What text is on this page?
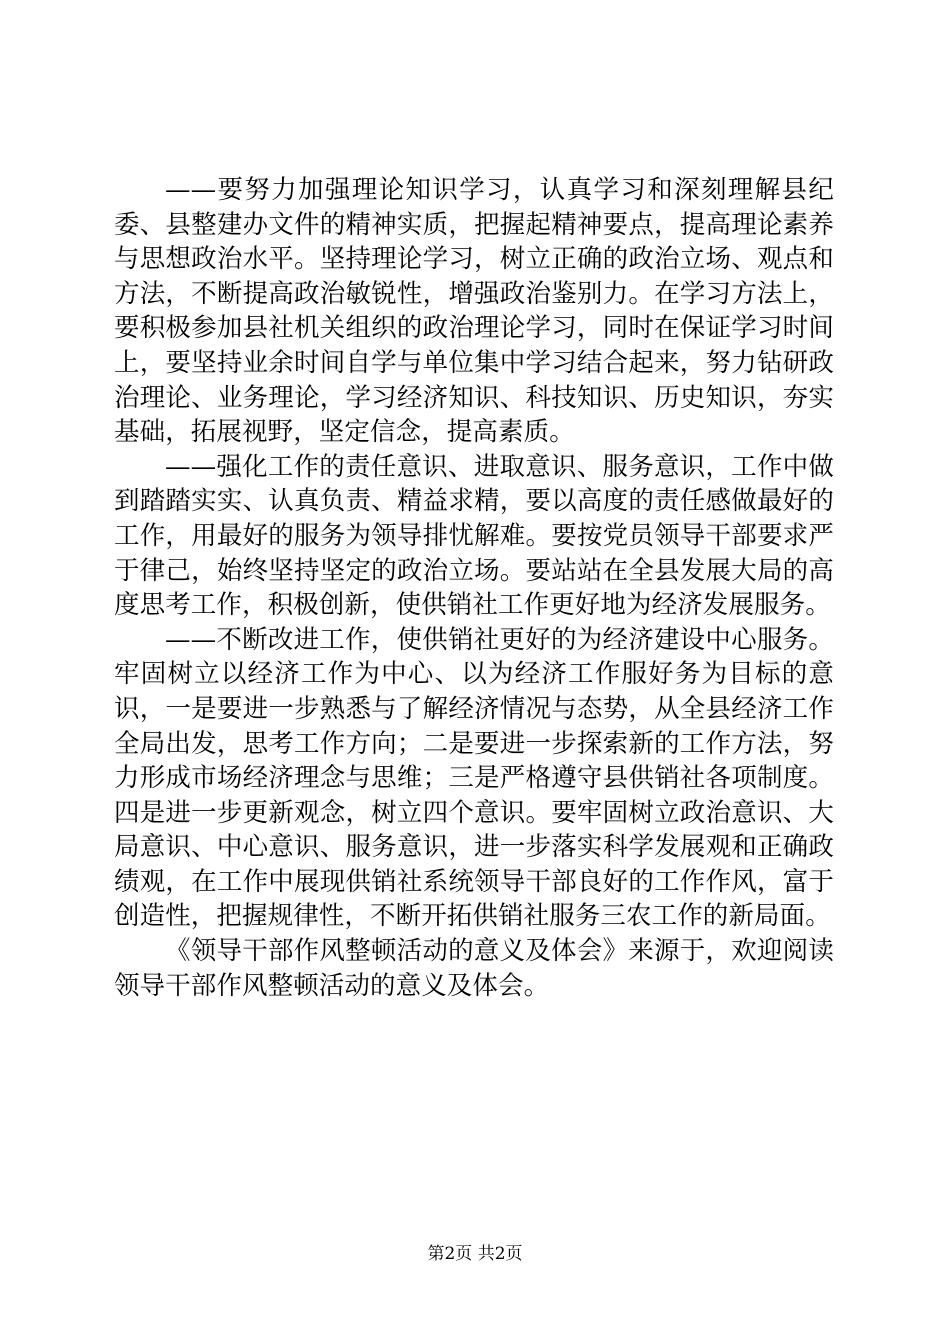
——要努力加强理论知识学习，认真学习和深刻理解县纪委、县整建办文件的精神实质，把握起精神要点，提高理论素养与思想政治水平。坚持理论学习，树立正确的政治立场、观点和方法，不断提高政治敏锐性，增强政治鉴别力。在学习方法上，要积极参加县社机关组织的政治理论学习，同时在保证学习时间上，要坚持业余时间自学与单位集中学习结合起来，努力钻研政治理论、业务理论，学习经济知识、科技知识、历史知识，夯实基础，拓展视野，坚定信念，提高素质。

——强化工作的责任意识、进取意识、服务意识，工作中做到踏踏实实、认真负责、精益求精，要以高度的责任感做最好的工作，用最好的服务为领导排忧解难。要按党员领导干部要求严于律己，始终坚持坚定的政治立场。要站站在全县发展大局的高度思考工作，积极创新，使供销社工作更好地为经济发展服务。

——不断改进工作，使供销社更好的为经济建设中心服务。牢固树立以经济工作为中心、以为经济工作服好务为目标的意识，一是要进一步熟悉与了解经济情况与态势，从全县经济工作全局出发，思考工作方向；二是要进一步探索新的工作方法，努力形成市场经济理念与思维；三是严格遵守县供销社各项制度。四是进一步更新观念，树立四个意识。要牢固树立政治意识、大局意识、中心意识、服务意识，进一步落实科学发展观和正确政绩观，在工作中展现供销社系统领导干部良好的工作作风，富于创造性，把握规律性，不断开拓供销社服务三农工作的新局面。

《领导干部作风整顿活动的意义及体会》来源于，欢迎阅读领导干部作风整顿活动的意义及体会。

第2页 共2页
